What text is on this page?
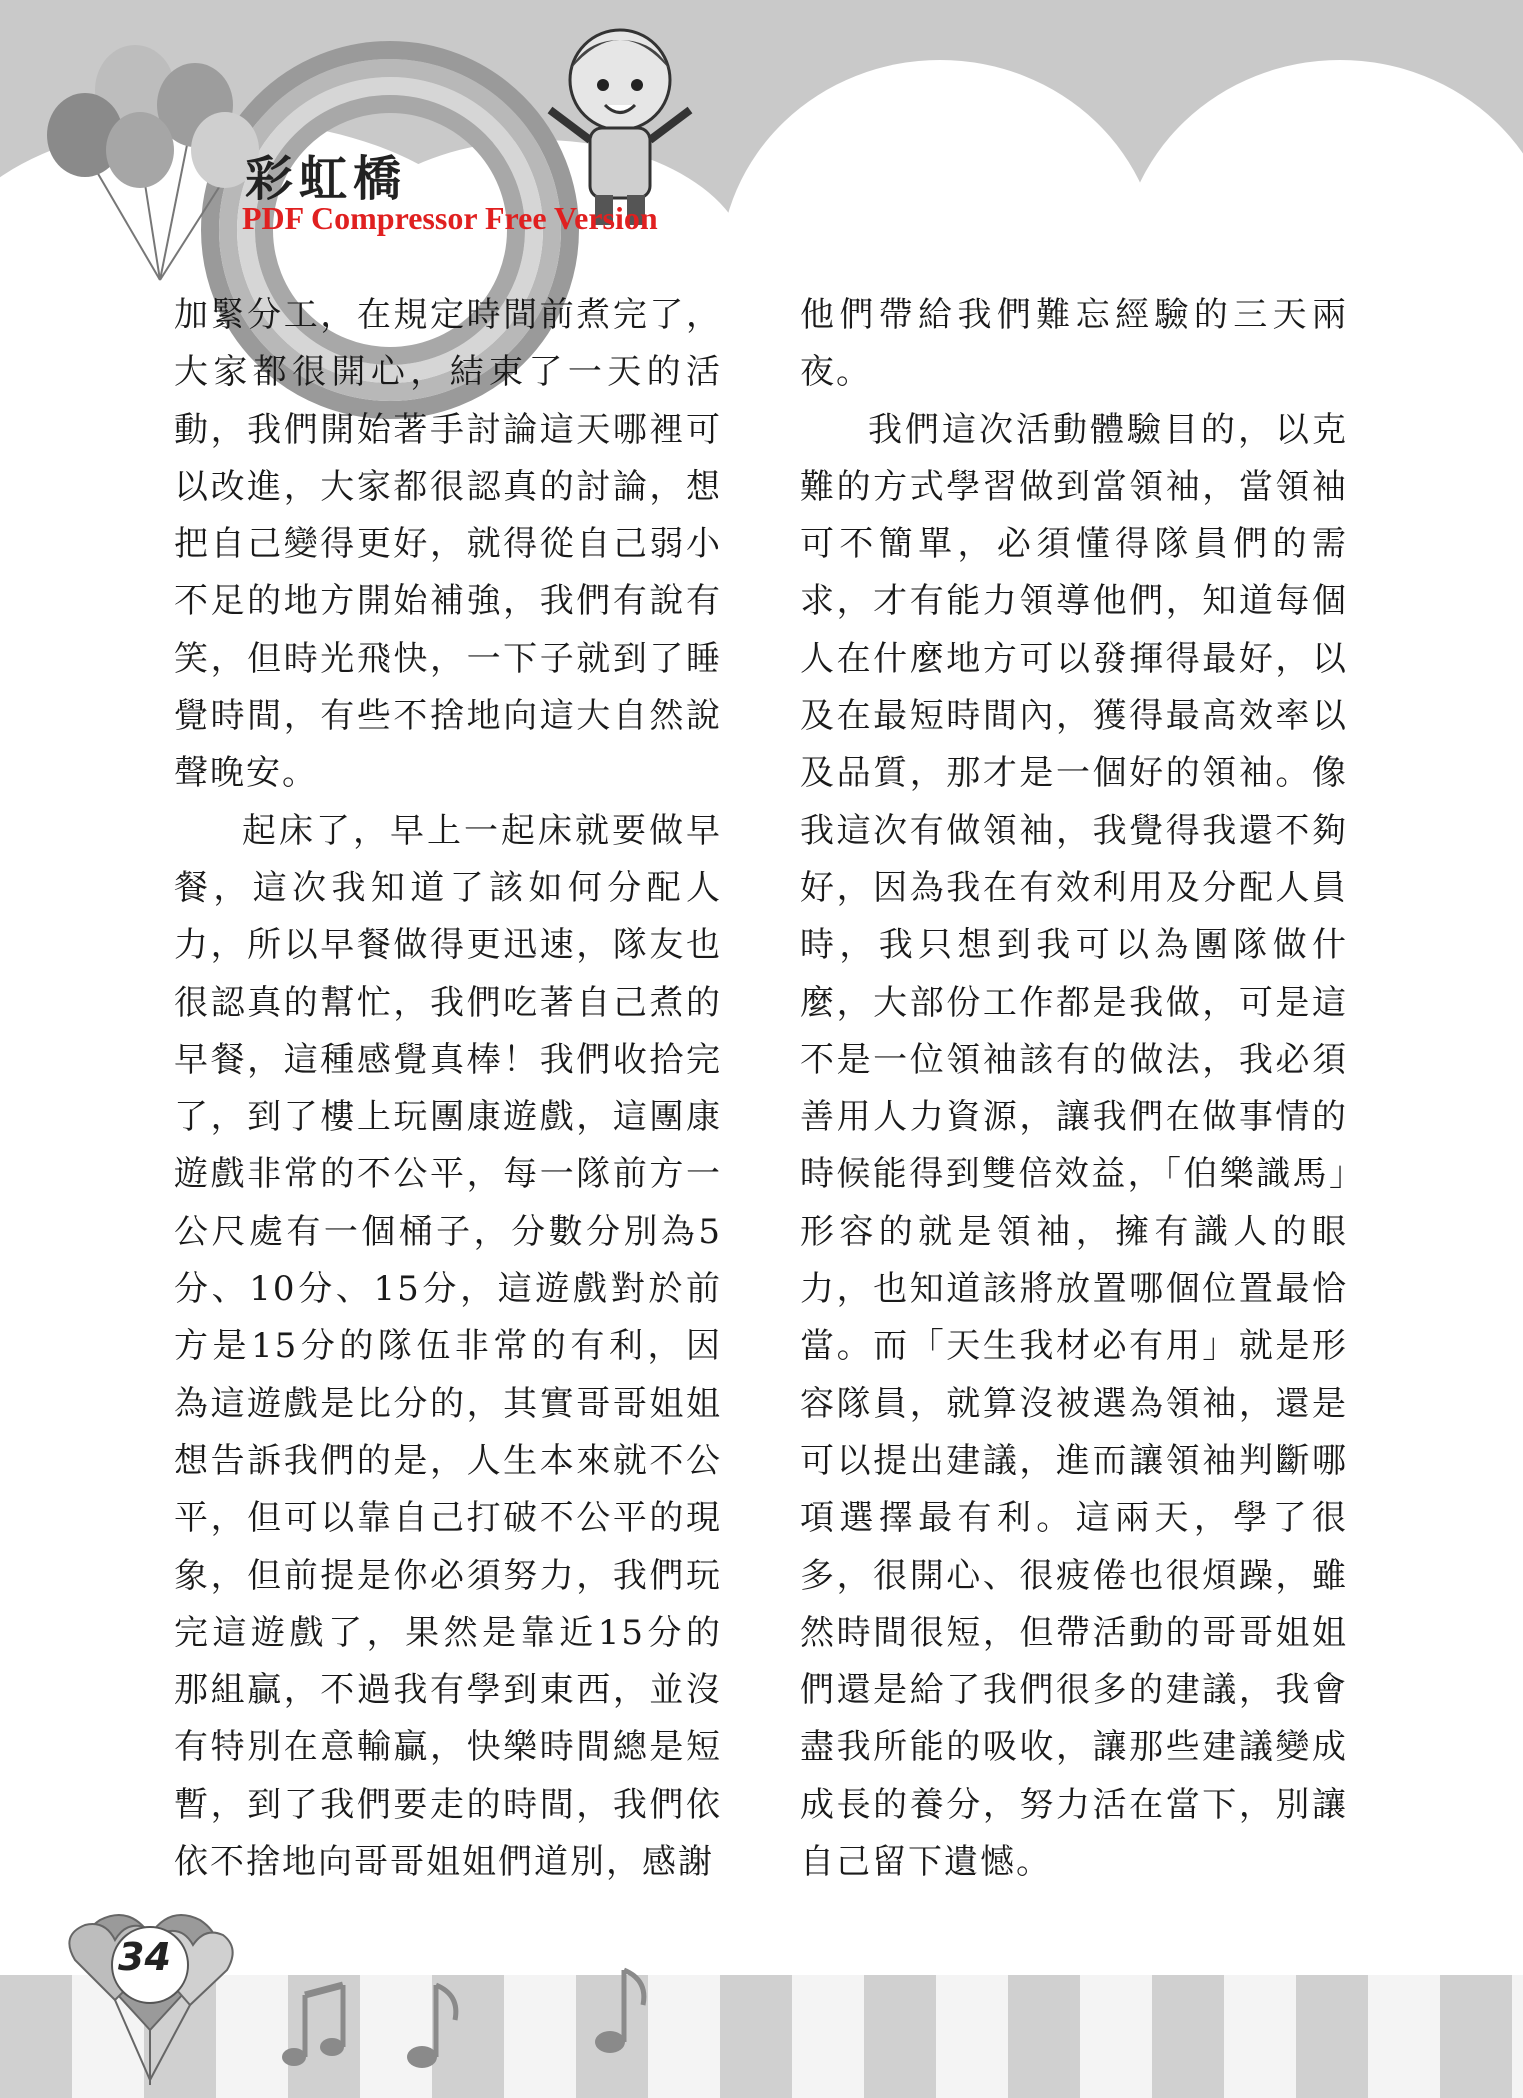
彩虹橋
PDF Compressor Free Version

加緊分工，在規定時間前煮完了，大家都很開心，結束了一天的活動，我們開始著手討論這天哪裡可以改進，大家都很認真的討論，想把自己變得更好，就得從自己弱小不足的地方開始補強，我們有說有笑，但時光飛快，一下子就到了睡覺時間，有些不捨地向這大自然說聲晚安。

起床了，早上一起床就要做早餐，這次我知道了該如何分配人力，所以早餐做得更迅速，隊友也很認真的幫忙，我們吃著自己煮的早餐，這種感覺真棒！我們收拾完了，到了樓上玩團康遊戲，這團康遊戲非常的不公平，每一隊前方一公尺處有一個桶子，分數分別為5分、10分、15分，這遊戲對於前方是15分的隊伍非常的有利，因為這遊戲是比分的，其實哥哥姐姐想告訴我們的是，人生本來就不公平，但可以靠自己打破不公平的現象，但前提是你必須努力，我們玩完這遊戲了，果然是靠近15分的那組贏，不過我有學到東西，並沒有特別在意輸贏，快樂時間總是短暫，到了我們要走的時間，我們依依不捨地向哥哥姐姐們道別，感謝

他們帶給我們難忘經驗的三天兩夜。

我們這次活動體驗目的，以克難的方式學習做到當領袖，當領袖可不簡單，必須懂得隊員們的需求，才有能力領導他們，知道每個人在什麼地方可以發揮得最好，以及在最短時間內，獲得最高效率以及品質，那才是一個好的領袖。像我這次有做領袖，我覺得我還不夠好，因為我在有效利用及分配人員時，我只想到我可以為團隊做什麼，大部份工作都是我做，可是這不是一位領袖該有的做法，我必須善用人力資源，讓我們在做事情的時候能得到雙倍效益，「伯樂識馬」形容的就是領袖，擁有識人的眼力，也知道該將放置哪個位置最恰當。而「天生我材必有用」就是形容隊員，就算沒被選為領袖，還是可以提出建議，進而讓領袖判斷哪項選擇最有利。這兩天，學了很多，很開心、很疲倦也很煩躁，雖然時間很短，但帶活動的哥哥姐姐們還是給了我們很多的建議，我會盡我所能的吸收，讓那些建議變成成長的養分，努力活在當下，別讓自己留下遺憾。

34
